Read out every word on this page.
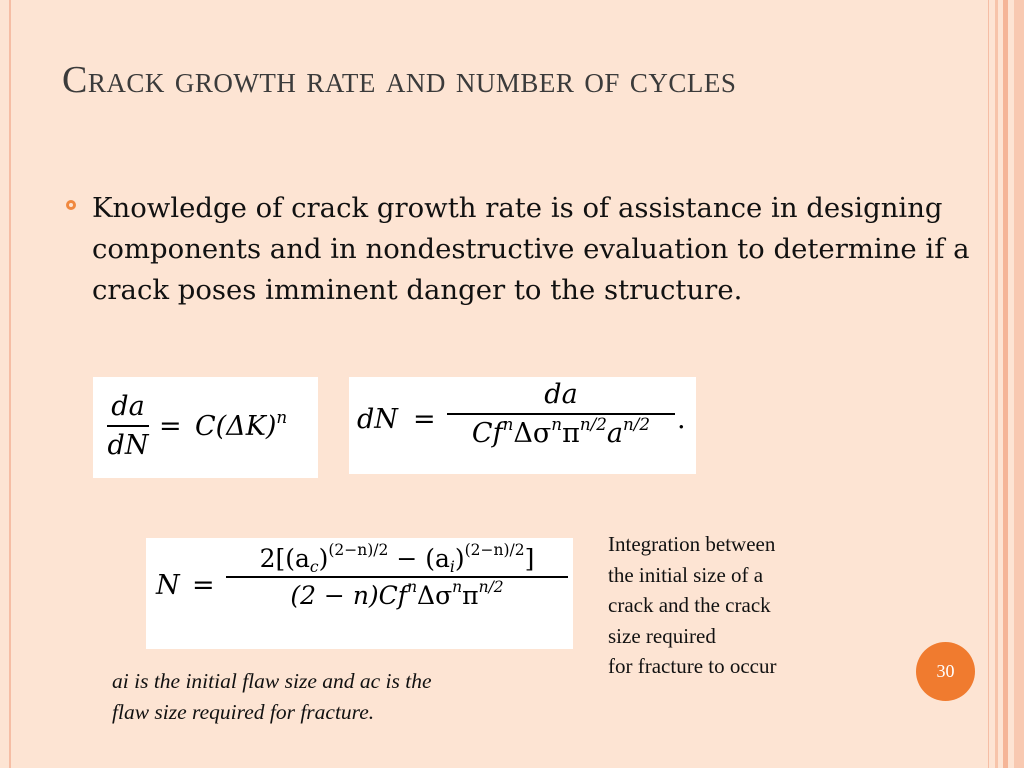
Crack growth rate and number of cycles
Knowledge of crack growth rate is of assistance in designing components and in nondestructive evaluation to determine if a crack poses imminent danger to the structure.
da
dN
= $C(\Delta K)^n$	dN =
da
$Cf^n\Delta\sigma^n\pi^{n/2}a^{n/2}$ .
N =
$2[(a_c)^{(2-n)/2} - (a_i)^{(2-n)/2}]$
$(2 - n)Cf^n\Delta\sigma^n\pi^{n/2}$
Integration between
the initial size of a
crack and the crack
size required
for fracture to occur
ai is the initial flaw size and ac is the
flaw size required for fracture.
30
